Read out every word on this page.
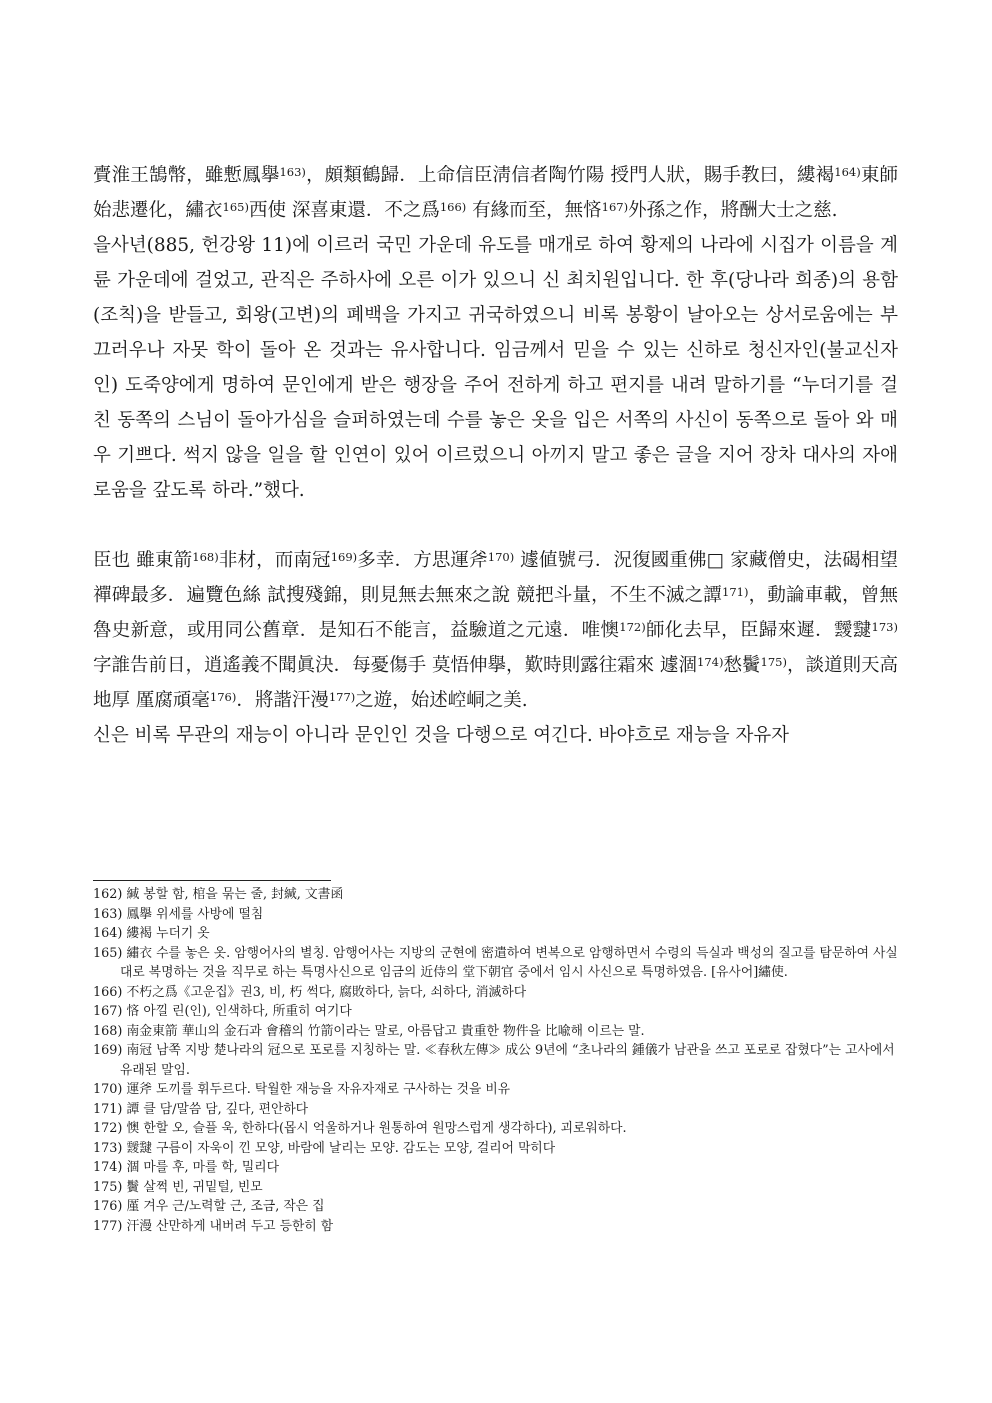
賷淮王鵠幣，雖慙鳳擧$^{163)}$，頗類鶴歸．上命信臣淸信者陶竹陽 授門人狀，賜手教曰，縷褐$^{164)}$東師 始悲遷化，繡衣$^{165)}$西使 深喜東還．不之爲$^{166)}$ 有緣而至，無悋$^{167)}$外孫之作，將酬大士之慈.

을사년(885, 헌강왕 11)에 이르러 국민 가운데 유도를 매개로 하여 황제의 나라에 시집가 이름을 계륜 가운데에 걸었고, 관직은 주하사에 오른 이가 있으니 신 최치원입니다. 한 후(당나라 희종)의 용함(조칙)을 받들고, 회왕(고변)의 폐백을 가지고 귀국하였으니 비록 봉황이 날아오는 상서로움에는 부끄러우나 자못 학이 돌아 온 것과는 유사합니다. 임금께서 믿을 수 있는 신하로 청신자인(불교신자인) 도죽양에게 명하여 문인에게 받은 행장을 주어 전하게 하고 편지를 내려 말하기를 “누더기를 걸친 동쪽의 스님이 돌아가심을 슬퍼하였는데 수를 놓은 옷을 입은 서쪽의 사신이 동쪽으로 돌아 와 매우 기쁘다. 썩지 않을 일을 할 인연이 있어 이르렀으니 아끼지 말고 좋은 글을 지어 장차 대사의 자애로움을 갚도록 하라.”했다.

臣也 雖東箭$^{168)}$非材，而南冠$^{169)}$多幸．方思運斧$^{170)}$ 遽値號弓．況復國重佛□ 家藏僧史，法碣相望 禪碑最多．遍覽色絲 試搜殘錦，則見無去無來之說 競把斗量，不生不滅之譚$^{171)}$，動論車載，曾無魯史新意，或用同公舊章．是知石不能言，益驗道之元遠．唯懊$^{172)}$師化去早，臣歸來遲．靉靆$^{173)}$字誰告前日，逍遙義不聞眞決．每憂傷手 莫悟伸擧，歎時則露往霜來 遽涸$^{174)}$愁鬢$^{175)}$，談道則天高地厚 厪腐頑毫$^{176)}$．將諧汗漫$^{177)}$之遊，始述崆峒之美.

신은 비록 무관의 재능이 아니라 문인인 것을 다행으로 여긴다. 바야흐로 재능을 자유자

162) 緘 봉할 함, 棺을 묶는 줄, 封緘, 文書函

163) 鳳擧 위세를 사방에 떨침

164) 縷褐 누더기 옷

165) 繡衣 수를 놓은 옷. 암행어사의 별칭. 암행어사는 지방의 군현에 密遣하여 변복으로 암행하면서 수령의 득실과 백성의 질고를 탐문하여 사실대로 복명하는 것을 직무로 하는 특명사신으로 임금의 近侍의 堂下朝官 중에서 임시 사신으로 특명하였음. [유사어]繡使.

166) 不朽之爲《고운집》권3, 비, 朽 썩다, 腐敗하다, 늙다, 쇠하다, 消滅하다

167) 悋 아낄 린(인), 인색하다, 所重히 여기다

168) 南金東箭 華山의 金石과 會稽의 竹箭이라는 말로, 아름답고 貴重한 物件을 比喩해 이르는 말.

169) 南冠 남쪽 지방 楚나라의 冠으로 포로를 지칭하는 말. ≪春秋左傳≫ 成公 9년에 “초나라의 鍾儀가 남관을 쓰고 포로로 잡혔다”는 고사에서 유래된 말임.

170) 運斧 도끼를 휘두르다. 탁월한 재능을 자유자재로 구사하는 것을 비유

171) 譚 클 담/말씀 담, 깊다, 편안하다

172) 懊 한할 오, 슬플 욱, 한하다(몹시 억울하거나 원통하여 원망스럽게 생각하다), 괴로워하다.

173) 靉靆 구름이 자욱이 낀 모양, 바람에 날리는 모양. 감도는 모양, 걸리어 막히다

174) 涸 마를 후, 마를 학, 밀리다

175) 鬢 살쩍 빈, 귀밑털, 빈모

176) 厪 겨우 근/노력할 근, 조금, 작은 집

177) 汗漫 산만하게 내버려 두고 등한히 함
